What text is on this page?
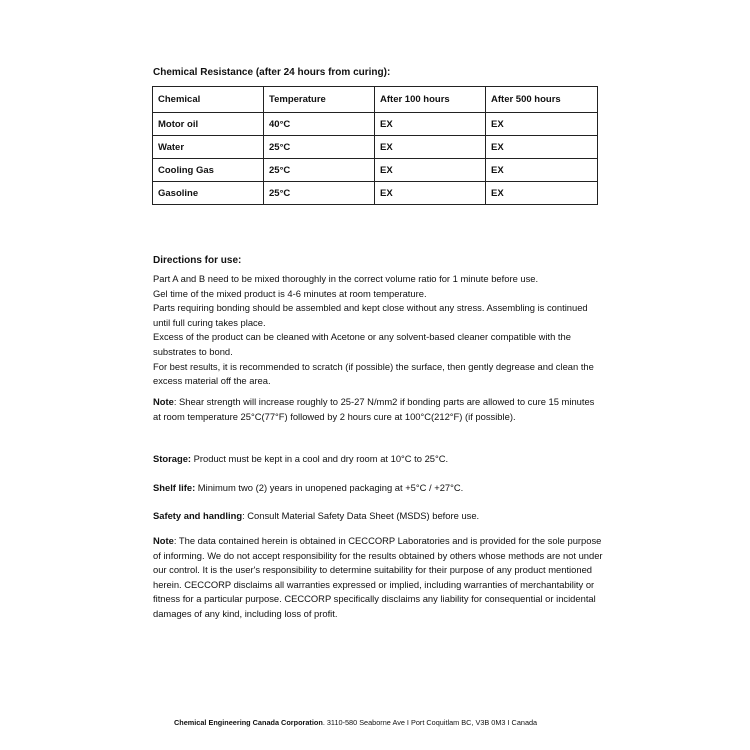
Chemical Resistance (after 24 hours from curing):
Chemical	Temperature	After 100 hours	After 500 hours
Motor oil	40°C	EX	EX
Water	25°C	EX	EX
Cooling Gas	25°C	EX	EX
Gasoline	25°C	EX	EX
Directions for use:

Part A and B need to be mixed thoroughly in the correct volume ratio for 1 minute before use.

Gel time of the mixed product is 4-6 minutes at room temperature.

Parts requiring bonding should be assembled and kept close without any stress. Assembling is continued until full curing takes place.

Excess of the product can be cleaned with Acetone or any solvent-based cleaner compatible with the substrates to bond.

For best results, it is recommended to scratch (if possible) the surface, then gently degrease and clean the excess material off the area.

Note: Shear strength will increase roughly to 25-27 N/mm2 if bonding parts are allowed to cure 15 minutes at room temperature 25°C(77°F) followed by 2 hours cure at 100°C(212°F) (if possible).

Storage: Product must be kept in a cool and dry room at 10°C to 25°C.

Shelf life: Minimum two (2) years in unopened packaging at +5°C / +27°C.

Safety and handling: Consult Material Safety Data Sheet (MSDS) before use.

Note: The data contained herein is obtained in CECCORP Laboratories and is provided for the sole purpose of informing. We do not accept responsibility for the results obtained by others whose methods are not under our control. It is the user's responsibility to determine suitability for their purpose of any product mentioned herein. CECCORP disclaims all warranties expressed or implied, including warranties of merchantability or fitness for a particular purpose. CECCORP specifically disclaims any liability for consequential or incidental damages of any kind, including loss of profit.

Chemical Engineering Canada Corporation. 3110-580 Seaborne Ave I Port Coquitlam BC, V3B 0M3 I Canada
